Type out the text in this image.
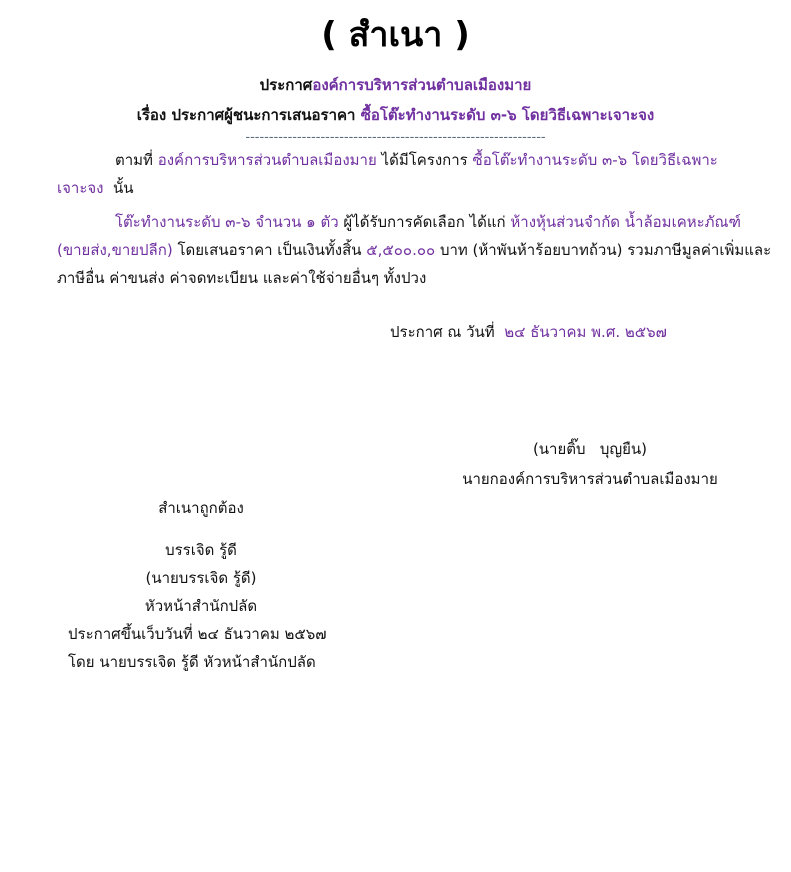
( สำเนา )
ประกาศองค์การบริหารส่วนตำบลเมืองมาย
เรื่อง ประกาศผู้ชนะการเสนอราคา ซื้อโต๊ะทำงานระดับ ๓-๖ โดยวิธีเฉพาะเจาะจง
----------------------------------------------------------------
ตามที่ องค์การบริหารส่วนตำบลเมืองมาย ได้มีโครงการ ซื้อโต๊ะทำงานระดับ ๓-๖ โดยวิธีเฉพาะ
เจาะจง  นั้น
โต๊ะทำงานระดับ ๓-๖ จำนวน ๑ ตัว ผู้ได้รับการคัดเลือก ได้แก่ ห้างหุ้นส่วนจำกัด น้ำล้อมเคหะภัณฑ์
(ขายส่ง,ขายปลีก) โดยเสนอราคา เป็นเงินทั้งสิ้น ๕,๕๐๐.๐๐ บาท (ห้าพันห้าร้อยบาทถ้วน) รวมภาษีมูลค่าเพิ่มและ
ภาษีอื่น ค่าขนส่ง ค่าจดทะเบียน และค่าใช้จ่ายอื่นๆ ทั้งปวง
ประกาศ ณ วันที่  ๒๔ ธันวาคม พ.ศ. ๒๕๖๗
(นายติ๊บ   บุญยืน)
นายกองค์การบริหารส่วนตำบลเมืองมาย
สำเนาถูกต้อง
บรรเจิด รู้ดี
(นายบรรเจิด รู้ดี)
หัวหน้าสำนักปลัด
ประกาศขึ้นเว็บวันที่ ๒๔ ธันวาคม ๒๕๖๗
โดย นายบรรเจิด รู้ดี หัวหน้าสำนักปลัด
